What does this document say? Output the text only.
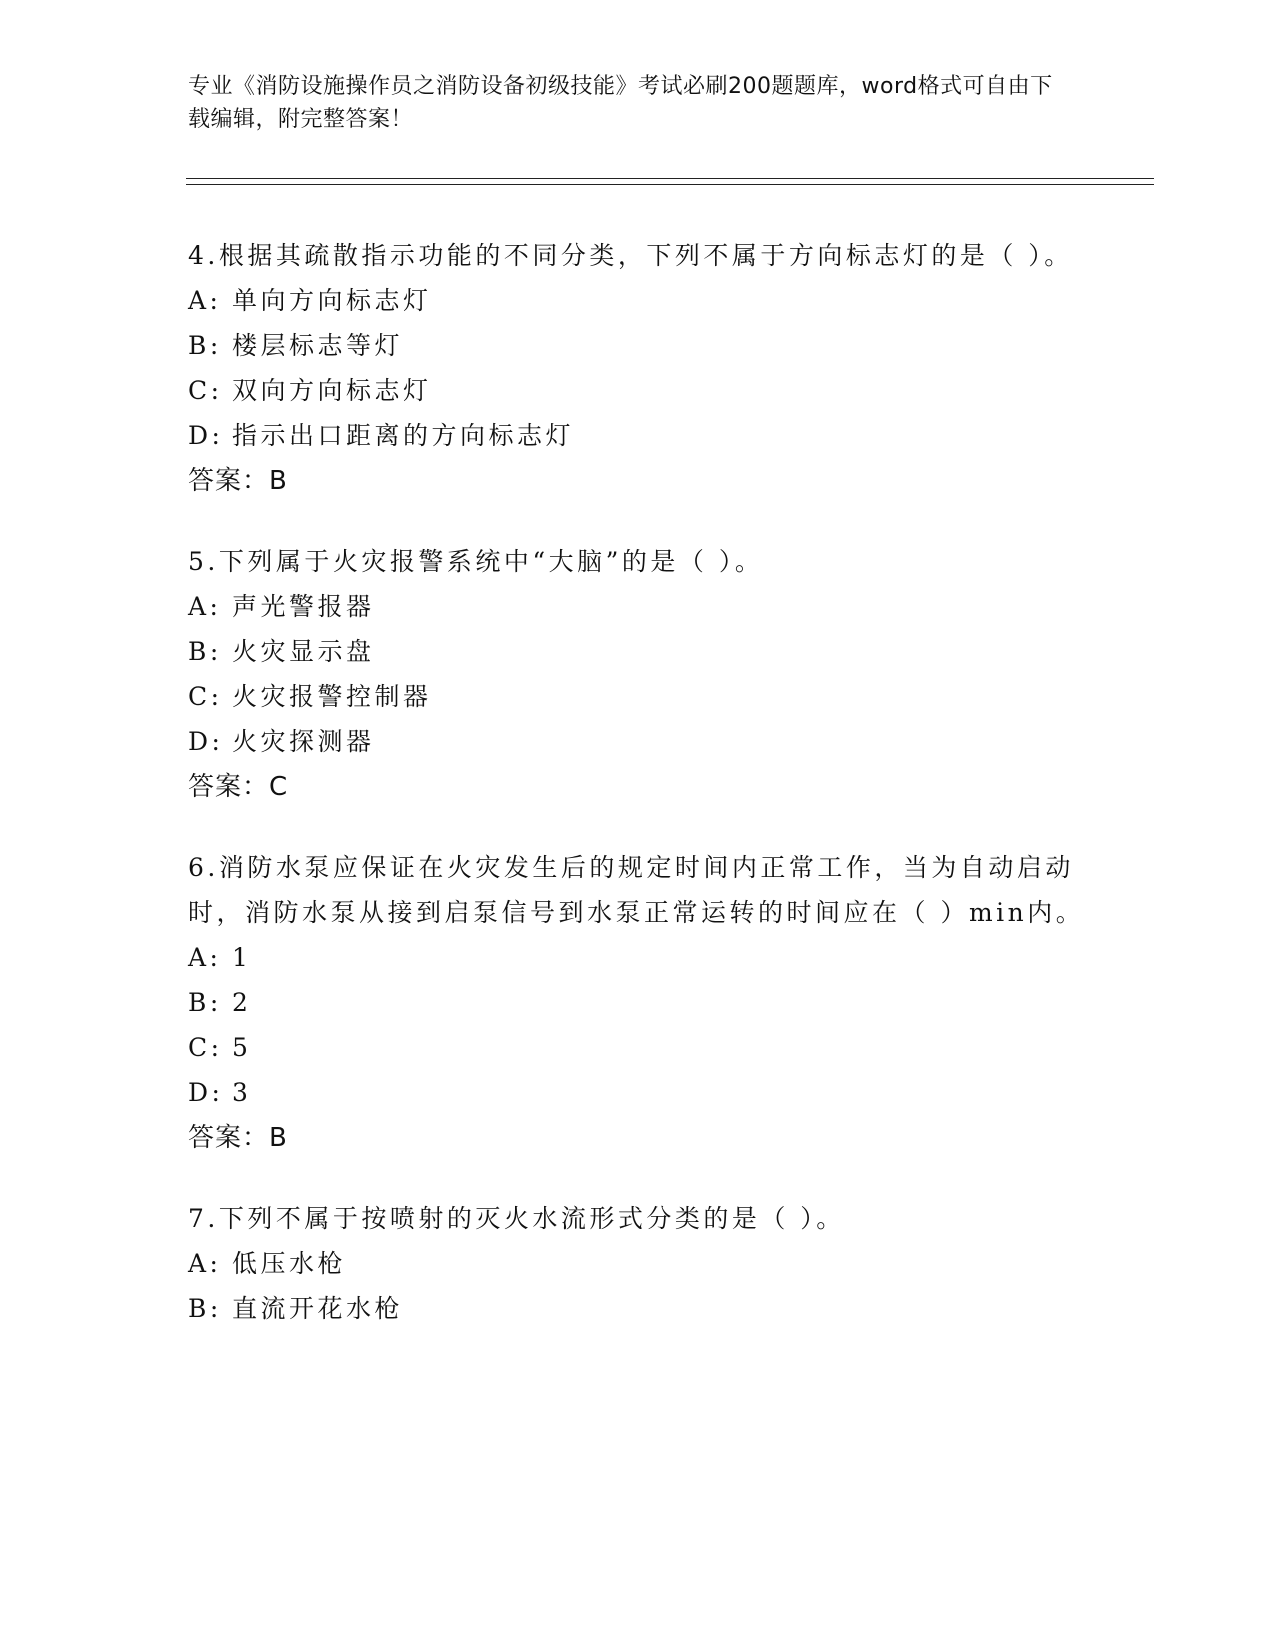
专业《消防设施操作员之消防设备初级技能》考试必刷200题题库，word格式可自由下载编辑，附完整答案！

4.根据其疏散指示功能的不同分类，下列不属于方向标志灯的是（ ）。

A: 单向方向标志灯
B: 楼层标志等灯
C: 双向方向标志灯
D: 指示出口距离的方向标志灯
答案：B

5.下列属于火灾报警系统中“大脑”的是（ ）。

A: 声光警报器
B: 火灾显示盘
C: 火灾报警控制器
D: 火灾探测器
答案：C

6.消防水泵应保证在火灾发生后的规定时间内正常工作，当为自动启动时，消防水泵从接到启泵信号到水泵正常运转的时间应在（ ）min内。

A: 1
B: 2
C: 5
D: 3
答案：B

7.下列不属于按喷射的灭火水流形式分类的是（ ）。

A: 低压水枪
B: 直流开花水枪
